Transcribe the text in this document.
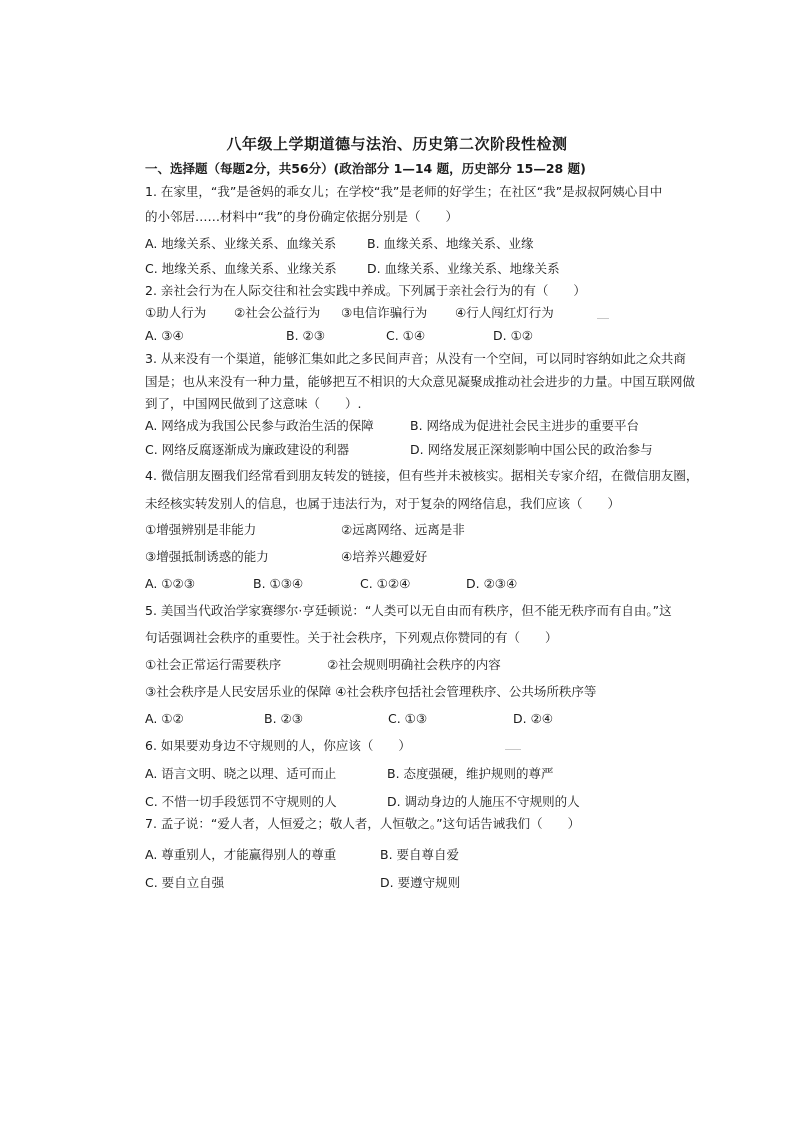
八年级上学期道德与法治、历史第二次阶段性检测
一、选择题（每题2分，共56分）(政治部分 1—14 题，历史部分 15—28 题)
1. 在家里，“我”是爸妈的乖女儿；在学校“我”是老师的好学生；在社区“我”是叔叔阿姨心目中
的小邻居……材料中“我”的身份确定依据分别是（　　）
A. 地缘关系、业缘关系、血缘关系 B. 血缘关系、地缘关系、业缘
C. 地缘关系、血缘关系、业缘关系 D. 血缘关系、业缘关系、地缘关系
2. 亲社会行为在人际交往和社会实践中养成。下列属于亲社会行为的有（　　）
①助人行为 ②社会公益行为 ③电信诈骗行为 ④行人闯红灯行为
A. ③④	B. ②③	C. ①④	D. ①②
3. 从来没有一个渠道，能够汇集如此之多民间声音；从没有一个空间，可以同时容纳如此之众共商
国是；也从来没有一种力量，能够把互不相识的大众意见凝聚成推动社会进步的力量。中国互联网做
到了，中国网民做到了这意味（　　）.
A. 网络成为我国公民参与政治生活的保障	B. 网络成为促进社会民主进步的重要平台
C. 网络反腐逐渐成为廉政建设的利器	D. 网络发展正深刻影响中国公民的政治参与
4. 微信朋友圈我们经常看到朋友转发的链接，但有些并未被核实。据相关专家介绍，在微信朋友圈，
未经核实转发别人的信息，也属于违法行为，对于复杂的网络信息，我们应该（　　）
①增强辨别是非能力	②远离网络、远离是非
③增强抵制诱惑的能力	④培养兴趣爱好
A. ①②③	B. ①③④	C. ①②④	D. ②③④
5. 美国当代政治学家赛缪尔·亨廷顿说：“人类可以无自由而有秩序，但不能无秩序而有自由。”这
句话强调社会秩序的重要性。关于社会秩序，下列观点你赞同的有（　　）
①社会正常运行需要秩序	②社会规则明确社会秩序的内容
③社会秩序是人民安居乐业的保障 ④社会秩序包括社会管理秩序、公共场所秩序等
A. ①②	B. ②③	C. ①③	D. ②④
6. 如果要劝身边不守规则的人，你应该（　　）
A. 语言文明、晓之以理、适可而止	B. 态度强硬，维护规则的尊严
C. 不惜一切手段惩罚不守规则的人	D. 调动身边的人施压不守规则的人
7. 孟子说：“爱人者，人恒爱之；敬人者，人恒敬之。”这句话告诫我们（　　）
A. 尊重别人，才能赢得别人的尊重	B. 要自尊自爱
C. 要自立自强	D. 要遵守规则
